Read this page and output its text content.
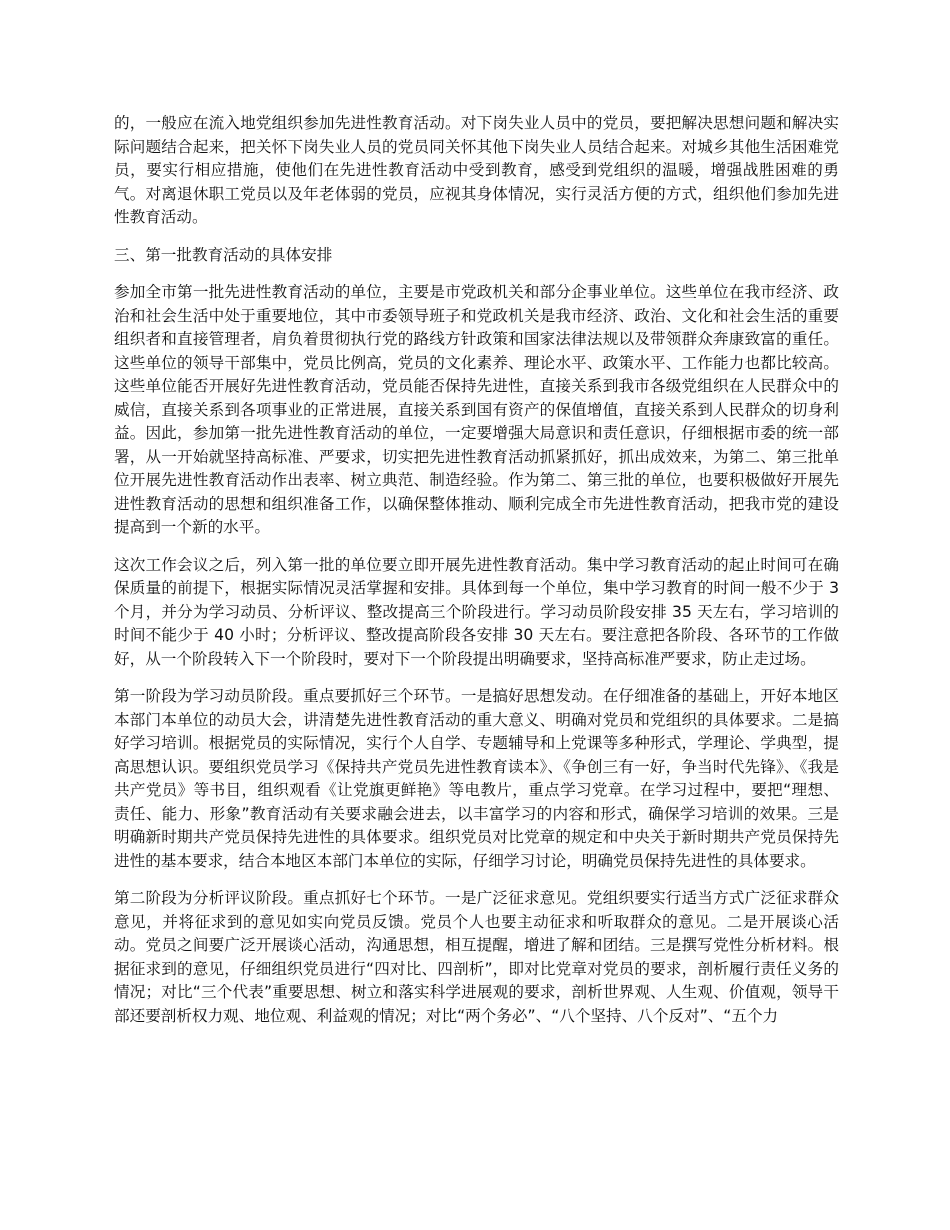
的，一般应在流入地党组织参加先进性教育活动。对下岗失业人员中的党员，要把解决思想问题和解决实际问题结合起来，把关怀下岗失业人员的党员同关怀其他下岗失业人员结合起来。对城乡其他生活困难党员，要实行相应措施，使他们在先进性教育活动中受到教育，感受到党组织的温暖，增强战胜困难的勇气。对离退休职工党员以及年老体弱的党员，应视其身体情况，实行灵活方便的方式，组织他们参加先进性教育活动。

三、第一批教育活动的具体安排

参加全市第一批先进性教育活动的单位，主要是市党政机关和部分企事业单位。这些单位在我市经济、政治和社会生活中处于重要地位，其中市委领导班子和党政机关是我市经济、政治、文化和社会生活的重要组织者和直接管理者，肩负着贯彻执行党的路线方针政策和国家法律法规以及带领群众奔康致富的重任。这些单位的领导干部集中，党员比例高，党员的文化素养、理论水平、政策水平、工作能力也都比较高。这些单位能否开展好先进性教育活动，党员能否保持先进性，直接关系到我市各级党组织在人民群众中的威信，直接关系到各项事业的正常进展，直接关系到国有资产的保值增值，直接关系到人民群众的切身利益。因此，参加第一批先进性教育活动的单位，一定要增强大局意识和责任意识，仔细根据市委的统一部署，从一开始就坚持高标准、严要求，切实把先进性教育活动抓紧抓好，抓出成效来，为第二、第三批单位开展先进性教育活动作出表率、树立典范、制造经验。作为第二、第三批的单位，也要积极做好开展先进性教育活动的思想和组织准备工作，以确保整体推动、顺利完成全市先进性教育活动，把我市党的建设提高到一个新的水平。

这次工作会议之后，列入第一批的单位要立即开展先进性教育活动。集中学习教育活动的起止时间可在确保质量的前提下，根据实际情况灵活掌握和安排。具体到每一个单位，集中学习教育的时间一般不少于 3 个月，并分为学习动员、分析评议、整改提高三个阶段进行。学习动员阶段安排 35 天左右，学习培训的时间不能少于 40 小时；分析评议、整改提高阶段各安排 30 天左右。要注意把各阶段、各环节的工作做好，从一个阶段转入下一个阶段时，要对下一个阶段提出明确要求，坚持高标准严要求，防止走过场。

第一阶段为学习动员阶段。重点要抓好三个环节。一是搞好思想发动。在仔细准备的基础上，开好本地区本部门本单位的动员大会，讲清楚先进性教育活动的重大意义、明确对党员和党组织的具体要求。二是搞好学习培训。根据党员的实际情况，实行个人自学、专题辅导和上党课等多种形式，学理论、学典型，提高思想认识。要组织党员学习《保持共产党员先进性教育读本》、《争创三有一好，争当时代先锋》、《我是共产党员》等书目，组织观看《让党旗更鲜艳》等电教片，重点学习党章。在学习过程中，要把“理想、责任、能力、形象”教育活动有关要求融会进去，以丰富学习的内容和形式，确保学习培训的效果。三是明确新时期共产党员保持先进性的具体要求。组织党员对比党章的规定和中央关于新时期共产党员保持先进性的基本要求，结合本地区本部门本单位的实际，仔细学习讨论，明确党员保持先进性的具体要求。

第二阶段为分析评议阶段。重点抓好七个环节。一是广泛征求意见。党组织要实行适当方式广泛征求群众意见，并将征求到的意见如实向党员反馈。党员个人也要主动征求和听取群众的意见。二是开展谈心活动。党员之间要广泛开展谈心活动，沟通思想，相互提醒，增进了解和团结。三是撰写党性分析材料。根据征求到的意见，仔细组织党员进行“四对比、四剖析”，即对比党章对党员的要求，剖析履行责任义务的情况；对比“三个代表”重要思想、树立和落实科学进展观的要求，剖析世界观、人生观、价值观，领导干部还要剖析权力观、地位观、利益观的情况；对比“两个务必”、“八个坚持、八个反对”、“五个力
